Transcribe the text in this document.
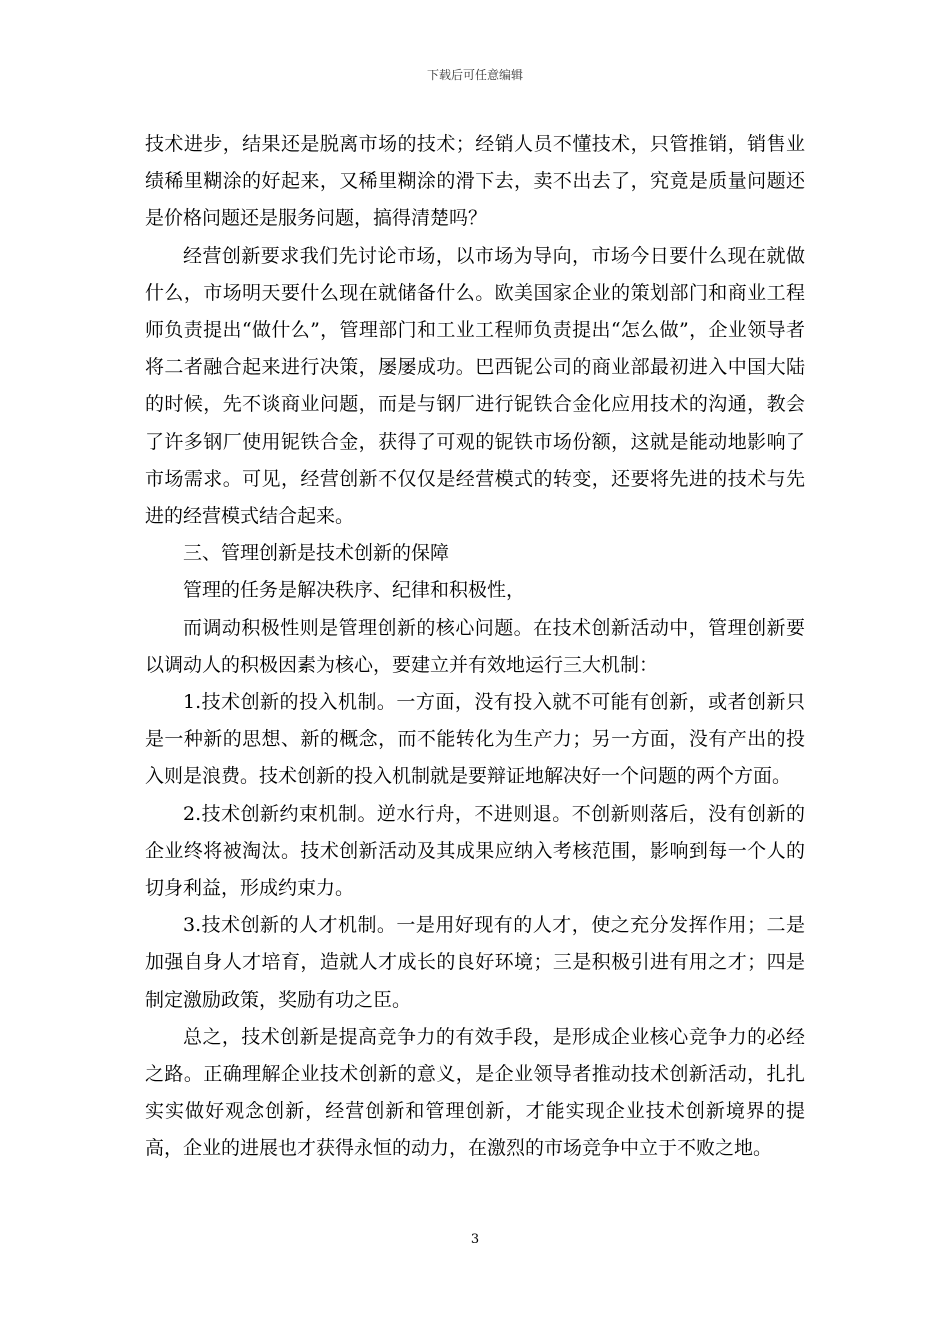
下载后可任意编辑

技术进步，结果还是脱离市场的技术；经销人员不懂技术，只管推销，销售业绩稀里糊涂的好起来，又稀里糊涂的滑下去，卖不出去了，究竟是质量问题还是价格问题还是服务问题，搞得清楚吗？

经营创新要求我们先讨论市场，以市场为导向，市场今日要什么现在就做什么，市场明天要什么现在就储备什么。欧美国家企业的策划部门和商业工程师负责提出“做什么”，管理部门和工业工程师负责提出“怎么做”，企业领导者将二者融合起来进行决策，屡屡成功。巴西铌公司的商业部最初进入中国大陆的时候，先不谈商业问题，而是与钢厂进行铌铁合金化应用技术的沟通，教会了许多钢厂使用铌铁合金，获得了可观的铌铁市场份额，这就是能动地影响了市场需求。可见，经营创新不仅仅是经营模式的转变，还要将先进的技术与先进的经营模式结合起来。

三、管理创新是技术创新的保障

管理的任务是解决秩序、纪律和积极性，

而调动积极性则是管理创新的核心问题。在技术创新活动中，管理创新要以调动人的积极因素为核心，要建立并有效地运行三大机制：

1.技术创新的投入机制。一方面，没有投入就不可能有创新，或者创新只是一种新的思想、新的概念，而不能转化为生产力；另一方面，没有产出的投入则是浪费。技术创新的投入机制就是要辩证地解决好一个问题的两个方面。

2.技术创新约束机制。逆水行舟，不进则退。不创新则落后，没有创新的企业终将被淘汰。技术创新活动及其成果应纳入考核范围，影响到每一个人的切身利益，形成约束力。

3.技术创新的人才机制。一是用好现有的人才，使之充分发挥作用；二是加强自身人才培育，造就人才成长的良好环境；三是积极引进有用之才；四是制定激励政策，奖励有功之臣。

总之，技术创新是提高竞争力的有效手段，是形成企业核心竞争力的必经之路。正确理解企业技术创新的意义，是企业领导者推动技术创新活动，扎扎实实做好观念创新，经营创新和管理创新，才能实现企业技术创新境界的提高，企业的进展也才获得永恒的动力，在激烈的市场竞争中立于不败之地。

3
